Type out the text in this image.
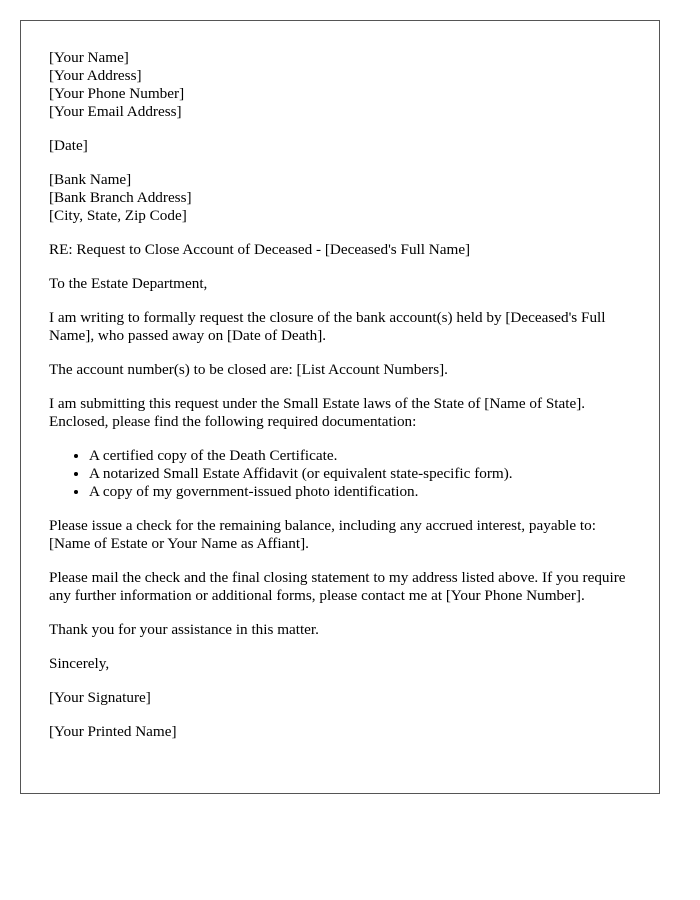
[Your Name]
[Your Address]
[Your Phone Number]
[Your Email Address]
[Date]
[Bank Name]
[Bank Branch Address]
[City, State, Zip Code]

RE: Request to Close Account of Deceased - [Deceased's Full Name]

To the Estate Department,

I am writing to formally request the closure of the bank account(s) held by [Deceased's Full Name], who passed away on [Date of Death].

The account number(s) to be closed are: [List Account Numbers].

I am submitting this request under the Small Estate laws of the State of [Name of State]. Enclosed, please find the following required documentation:

• A certified copy of the Death Certificate.
• A notarized Small Estate Affidavit (or equivalent state-specific form).
• A copy of my government-issued photo identification.

Please issue a check for the remaining balance, including any accrued interest, payable to: [Name of Estate or Your Name as Affiant].

Please mail the check and the final closing statement to my address listed above. If you require any further information or additional forms, please contact me at [Your Phone Number].

Thank you for your assistance in this matter.

Sincerely,

[Your Signature]

[Your Printed Name]
